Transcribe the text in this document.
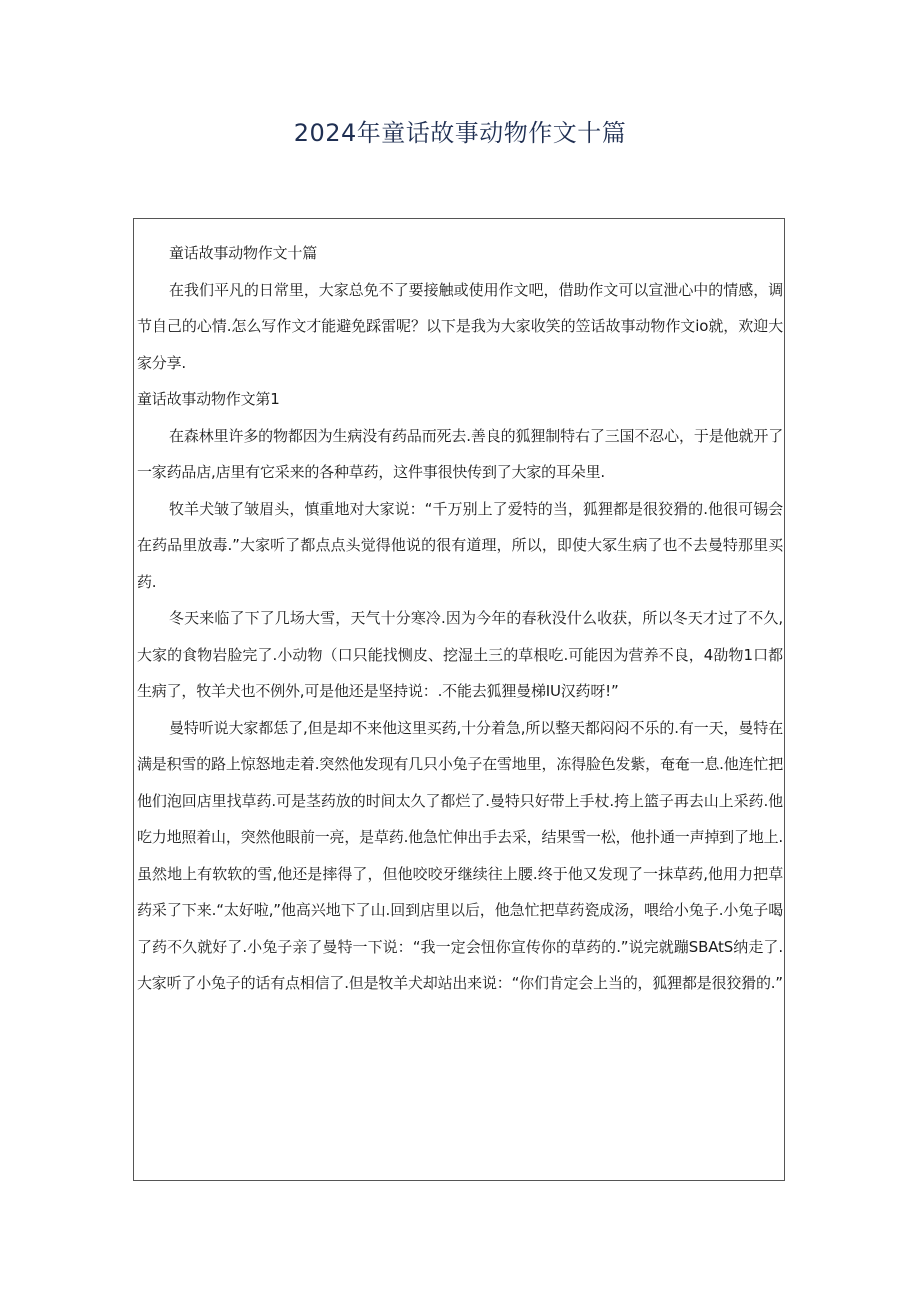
2024年童话故事动物作文十篇

童话故事动物作文十篇

在我们平凡的日常里，大家总免不了要接触或使用作文吧，借助作文可以宣泄心中的情感，调节自己的心情.怎么写作文才能避免踩雷呢？以下是我为大家收笑的笠话故事动物作文io就，欢迎大家分享.

童话故事动物作文第1

在森林里许多的物都因为生病没有药品而死去.善良的狐狸制特右了三国不忍心，于是他就开了一家药品店,店里有它采来的各种草药，这件事很快传到了大家的耳朵里.

牧羊犬皱了皱眉头，慎重地对大家说：“千万别上了爱特的当，狐狸都是很狡猾的.他很可锡会在药品里放毒.”大家听了都点点头觉得他说的很有道理，所以，即使大冢生病了也不去曼特那里买药.

冬天来临了下了几场大雪，天气十分寒冷.因为今年的春秋没什么收获，所以冬天才过了不久,大家的食物岩脸完了.小动物（口只能找恻皮、挖湿土三的草根吃.可能因为营养不良，4劭物1口都生病了，牧羊犬也不例外,可是他还是坚持说：.不能去狐狸曼梯IU汉药呀!”

曼特听说大家都恁了,但是却不来他这里买药,十分着急,所以整天都闷闷不乐的.有一天，曼特在满是积雪的路上惊怒地走着.突然他发现有几只小兔子在雪地里，冻得脸色发紫，奄奄一息.他连忙把他们泡回店里找草药.可是茎药放的时间太久了都烂了.曼特只好带上手杖.挎上篮子再去山上采药.他吃力地照着山，突然他眼前一亮，是草药.他急忙伸出手去采，结果雪一松，他扑通一声掉到了地上.虽然地上有软软的雪,他还是摔得了，但他咬咬牙继续往上腰.终于他又发现了一抹草药,他用力把草药采了下来.“太好啦,”他高兴地下了山.回到店里以后，他急忙把草药瓷成汤，喂给小兔子.小兔子喝了药不久就好了.小兔子亲了曼特一下说：“我一定会忸你宣传你的草药的.”说完就蹦SBAtS纳走了.大家听了小兔子的话有点相信了.但是牧羊犬却站出来说：“你们肯定会上当的，狐狸都是很狡猾的.”
